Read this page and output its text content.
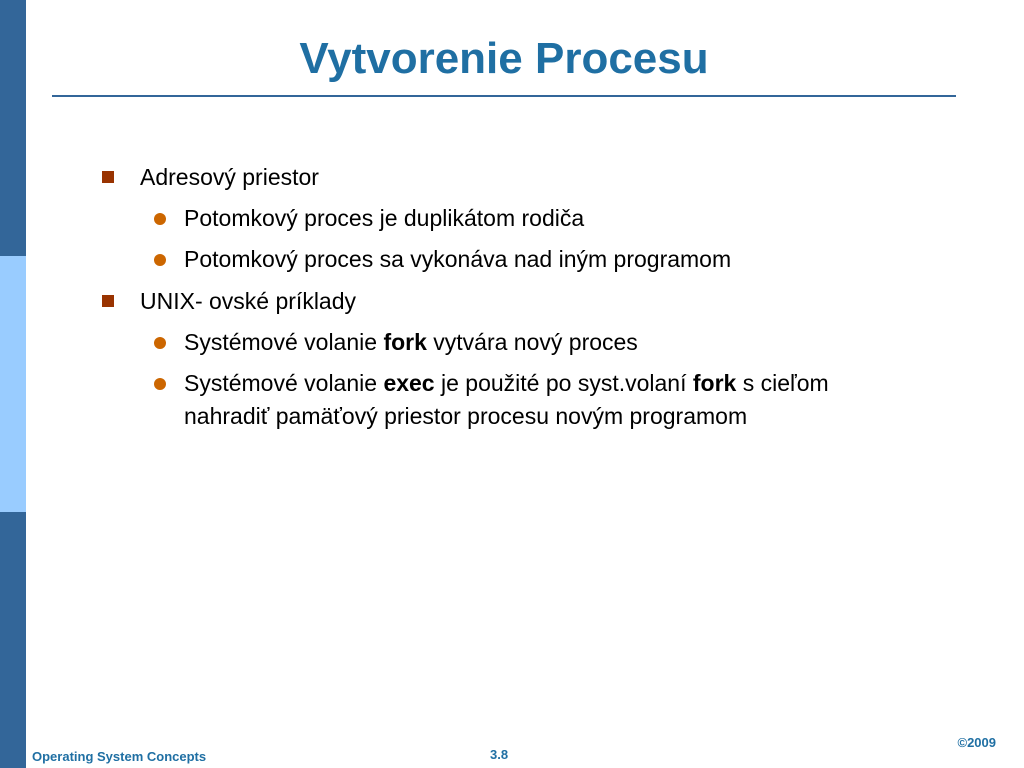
Vytvorenie Procesu
Adresový priestor
Potomkový proces je duplikátom rodiča
Potomkový proces sa vykonáva nad iným programom
UNIX- ovské príklady
Systémové volanie fork vytvára nový proces
Systémové volanie exec je použité po syst.volaní fork s cieľom nahradiť pamäťový priestor procesu novým programom
Operating System Concepts	3.8
©2009
